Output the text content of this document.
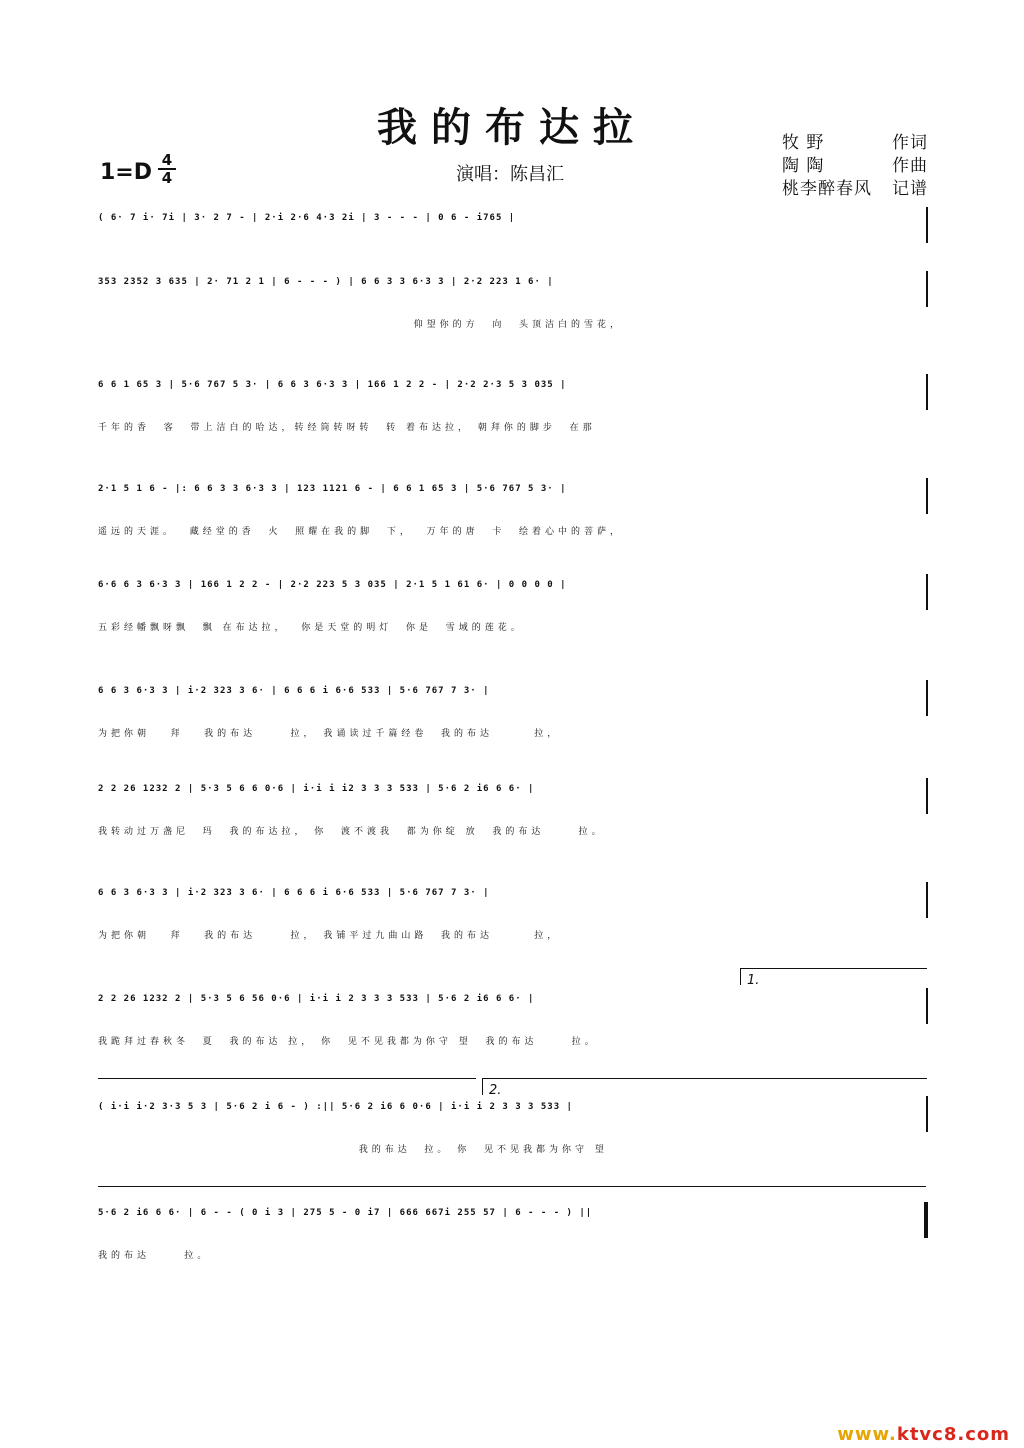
我的布达拉
1=D 4
4	演唱：陈昌汇
牧 野	作词
陶 陶	作曲
桃李醉春风 记谱
( 6· 7 i· 7i | 3· 2 7 - | 2·i 2·6 4·3 2i | 3 - - - | 0 6 - i765 |
353 2352 3 635 | 2· 71 2 1 | 6 - - - ) | 6 6 3 3 6·3 3 | 2·2 223 1 6· |
仰望你的方  向  头顶洁白的雪花，
6 6 1 65 3 | 5·6 767 5 3· | 6 6 3 6·3 3 | 166 1 2 2 - | 2·2 2·3 5 3 035 |
千年的香  客  带上洁白的哈达，转经筒转呀转  转 着布达拉， 朝拜你的脚步  在那
2·1 5 1 6 - |: 6 6 3 3 6·3 3 | 123 1121 6 - | 6 6 1 65 3 | 5·6 767 5 3· |
遥远的天涯。  藏经堂的香  火  照耀在我的脚  下，  万年的唐  卡  绘着心中的菩萨，
6·6 6 3 6·3 3 | 166 1 2 2 - | 2·2 223 5 3 035 | 2·1 5 1 61 6· | 0 0 0 0 |
五彩经幡飘呀飘  飘 在布达拉，  你是天堂的明灯  你是  雪域的莲花。
6 6 3 6·3 3 | i·2 323 3 6· | 6 6 6 i 6·6 533 | 5·6 767 7 3· |
为把你朝   拜   我的布达     拉， 我诵读过千篇经卷  我的布达      拉，
2 2 26 1232 2 | 5·3 5 6 6 0·6 | i·i i i2 3 3 3 533 | 5·6 2 i6 6 6· |
我转动过万盏尼  玛  我的布达拉， 你  渡不渡我  都为你绽 放  我的布达     拉。
6 6 3 6·3 3 | i·2 323 3 6· | 6 6 6 i 6·6 533 | 5·6 767 7 3· |
为把你朝   拜   我的布达     拉， 我铺平过九曲山路  我的布达      拉，
1.
2 2 26 1232 2 | 5·3 5 6 56 0·6 | i·i i 2 3 3 3 533 | 5·6 2 i6 6 6· |
我跪拜过春秋冬  夏  我的布达 拉， 你  见不见我都为你守 望  我的布达     拉。
2.
( i·i i·2 3·3 5 3 | 5·6 2 i 6 - ) :|| 5·6 2 i6 6 0·6 | i·i i 2 3 3 3 533 |
我的布达  拉。 你  见不见我都为你守 望
5·6 2 i6 6 6· | 6 - - ( 0 i 3 | 275 5 - 0 i7 | 666 667i 255 57 | 6 - - - ) ||
我的布达     拉。
www.ktvc8.com
